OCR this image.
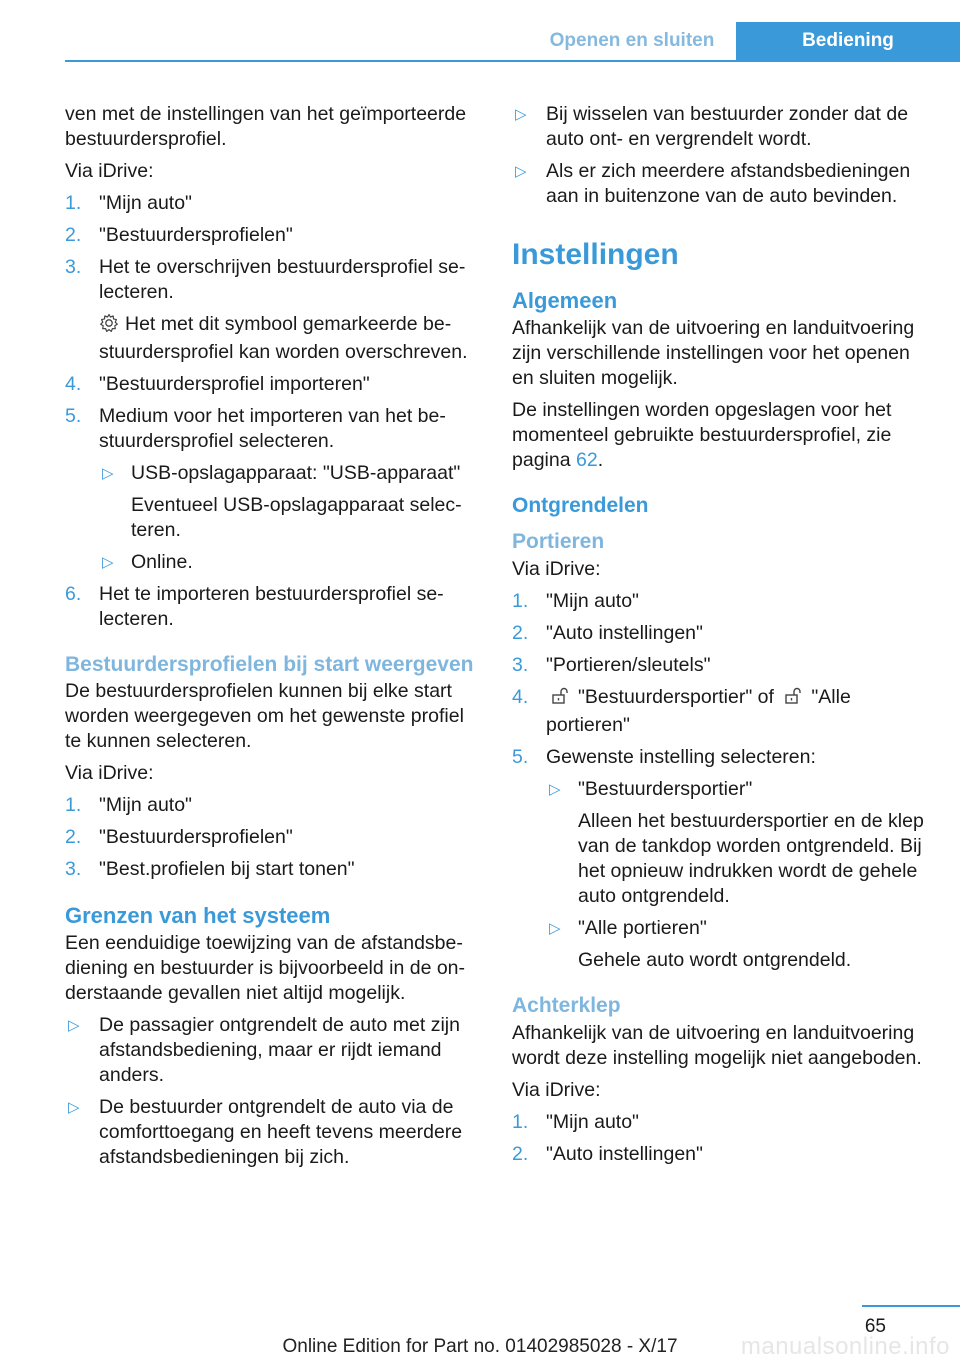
Openen en sluiten	Bediening

ven met de instellingen van het geïmporteerde bestuurdersprofiel.

Via iDrive:

1. "Mijn auto"
2. "Bestuurdersprofielen"
3. Het te overschrijven bestuurdersprofiel selecteren.
Het met dit symbool gemarkeerde bestuurdersprofiel kan worden overschreven.
4. "Bestuurdersprofiel importeren"
5. Medium voor het importeren van het bestuurdersprofiel selecteren.
▷ USB-opslagapparaat: "USB-apparaat"
Eventueel USB-opslagapparaat selecteren.
▷ Online.
6. Het te importeren bestuurdersprofiel selecteren.
Bestuurdersprofielen bij start weergeven

De bestuurdersprofielen kunnen bij elke start worden weergegeven om het gewenste profiel te kunnen selecteren.

Via iDrive:

1. "Mijn auto"
2. "Bestuurdersprofielen"
3. "Best.profielen bij start tonen"
Grenzen van het systeem

Een eenduidige toewijzing van de afstandsbediening en bestuurder is bijvoorbeeld in de onderstaande gevallen niet altijd mogelijk.

▷ De passagier ontgrendelt de auto met zijn afstandsbediening, maar er rijdt iemand anders.
▷ De bestuurder ontgrendelt de auto via de comforttoegang en heeft tevens meerdere afstandsbedieningen bij zich.
▷ Bij wisselen van bestuurder zonder dat de auto ont- en vergrendelt wordt.
▷ Als er zich meerdere afstandsbedieningen aan in buitenzone van de auto bevinden.
Instellingen
Algemeen

Afhankelijk van de uitvoering en landuitvoering zijn verschillende instellingen voor het openen en sluiten mogelijk.

De instellingen worden opgeslagen voor het momenteel gebruikte bestuurdersprofiel, zie pagina 62.

Ontgrendelen
Portieren

Via iDrive:

1. "Mijn auto"
2. "Auto instellingen"
3. "Portieren/sleutels"
4.	"Bestuurdersportier" of "Alle portieren"
5. Gewenste instelling selecteren:
▷ "Bestuurdersportier"
Alleen het bestuurdersportier en de klep van de tankdop worden ontgrendeld. Bij het opnieuw indrukken wordt de gehele auto ontgrendeld.
▷ "Alle portieren"
Gehele auto wordt ontgrendeld.
Achterklep

Afhankelijk van de uitvoering en landuitvoering wordt deze instelling mogelijk niet aangeboden.

Via iDrive:

1. "Mijn auto"
2. "Auto instellingen"
65
manualsonline.info
Online Edition for Part no. 01402985028 - X/17
